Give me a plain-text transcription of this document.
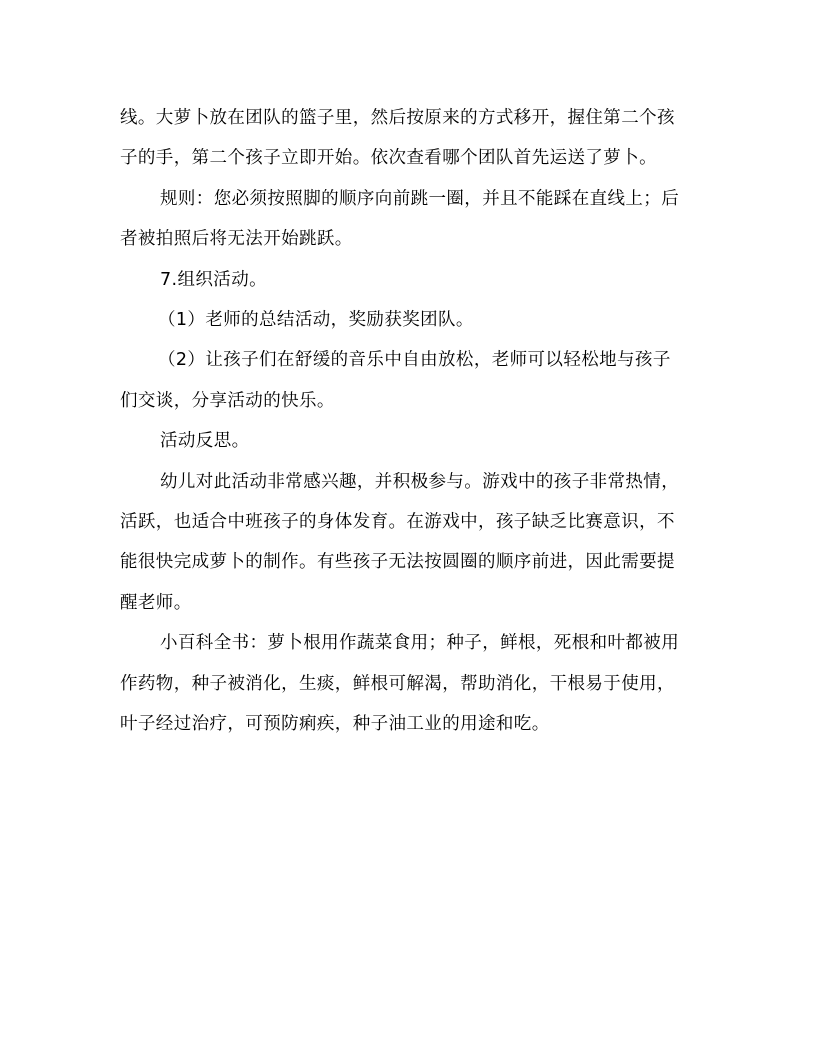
线。大萝卜放在团队的篮子里，然后按原来的方式移开，握住第二个孩
子的手，第二个孩子立即开始。依次查看哪个团队首先运送了萝卜。

规则：您必须按照脚的顺序向前跳一圈，并且不能踩在直线上；后
者被拍照后将无法开始跳跃。

7.组织活动。

（1）老师的总结活动，奖励获奖团队。

（2）让孩子们在舒缓的音乐中自由放松，老师可以轻松地与孩子
们交谈，分享活动的快乐。

活动反思。

幼儿对此活动非常感兴趣，并积极参与。游戏中的孩子非常热情，
活跃，也适合中班孩子的身体发育。在游戏中，孩子缺乏比赛意识，不
能很快完成萝卜的制作。有些孩子无法按圆圈的顺序前进，因此需要提
醒老师。

小百科全书：萝卜根用作蔬菜食用；种子，鲜根，死根和叶都被用
作药物，种子被消化，生痰，鲜根可解渴，帮助消化，干根易于使用，
叶子经过治疗，可预防痢疾，种子油工业的用途和吃。
